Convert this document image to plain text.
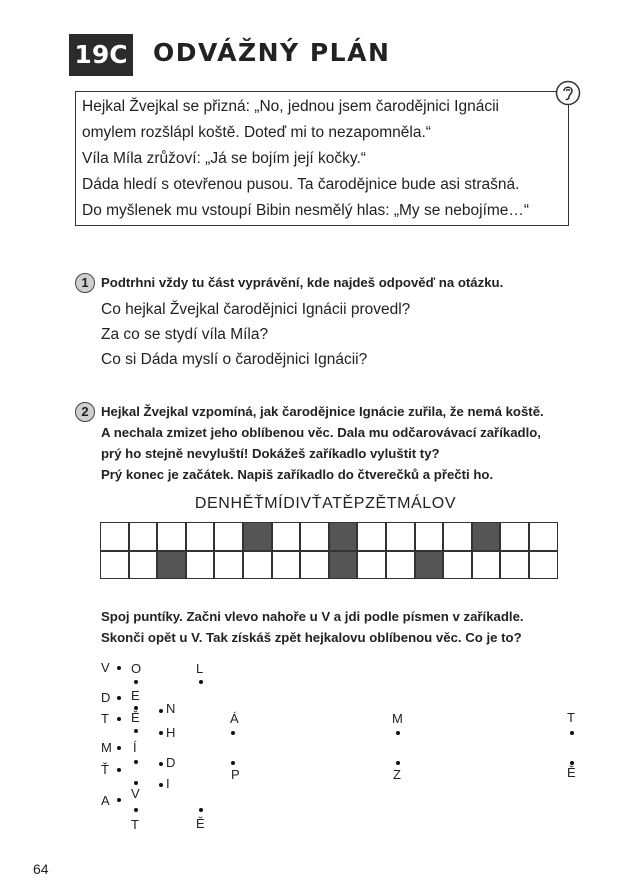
19C ODVÁŽNÝ PLÁN
Hejkal Žvejkal se přizná: „No, jednou jsem čarodějnici Ignácii
omylem rozšlápl koště. Doteď mi to nezapomněla.“
Víla Míla zrůžoví: „Já se bojím její kočky.“
Dáda hledí s otevřenou pusou. Ta čarodějnice bude asi strašná.
Do myšlenek mu vstoupí Bibin nesmělý hlas: „My se nebojíme…“
1 Podtrhni vždy tu část vyprávění, kde najdeš odpověď na otázku.
Co hejkal Žvejkal čarodějnici Ignácii provedl?
Za co se stydí víla Míla?
Co si Dáda myslí o čarodějnici Ignácii?
2 Hejkal Žvejkal vzpomíná, jak čarodějnice Ignácie zuřila, že nemá koště.
A nechala zmizet jeho oblíbenou věc. Dala mu odčarovávací zaříkadlo,
prý ho stejně nevyluští! Dokážeš zaříkadlo vyluštit ty?
Prý konec je začátek. Napiš zaříkadlo do čtverečků a přečti ho.
DENHĚŤMÍDIVŤATĚPZĚTMÁLOV
Spoj puntíky. Začni vlevo nahoře u V a jdi podle písmen v zaříkadle.
Skonči opět u V. Tak získáš zpět hejkalovu oblíbenou věc. Co je to?
V
D
T
M
Ť
A
O
E
Ě
Í
V
T
N
H
D
I
L
Ě
Á
P
M
Z
T
Ě
64
